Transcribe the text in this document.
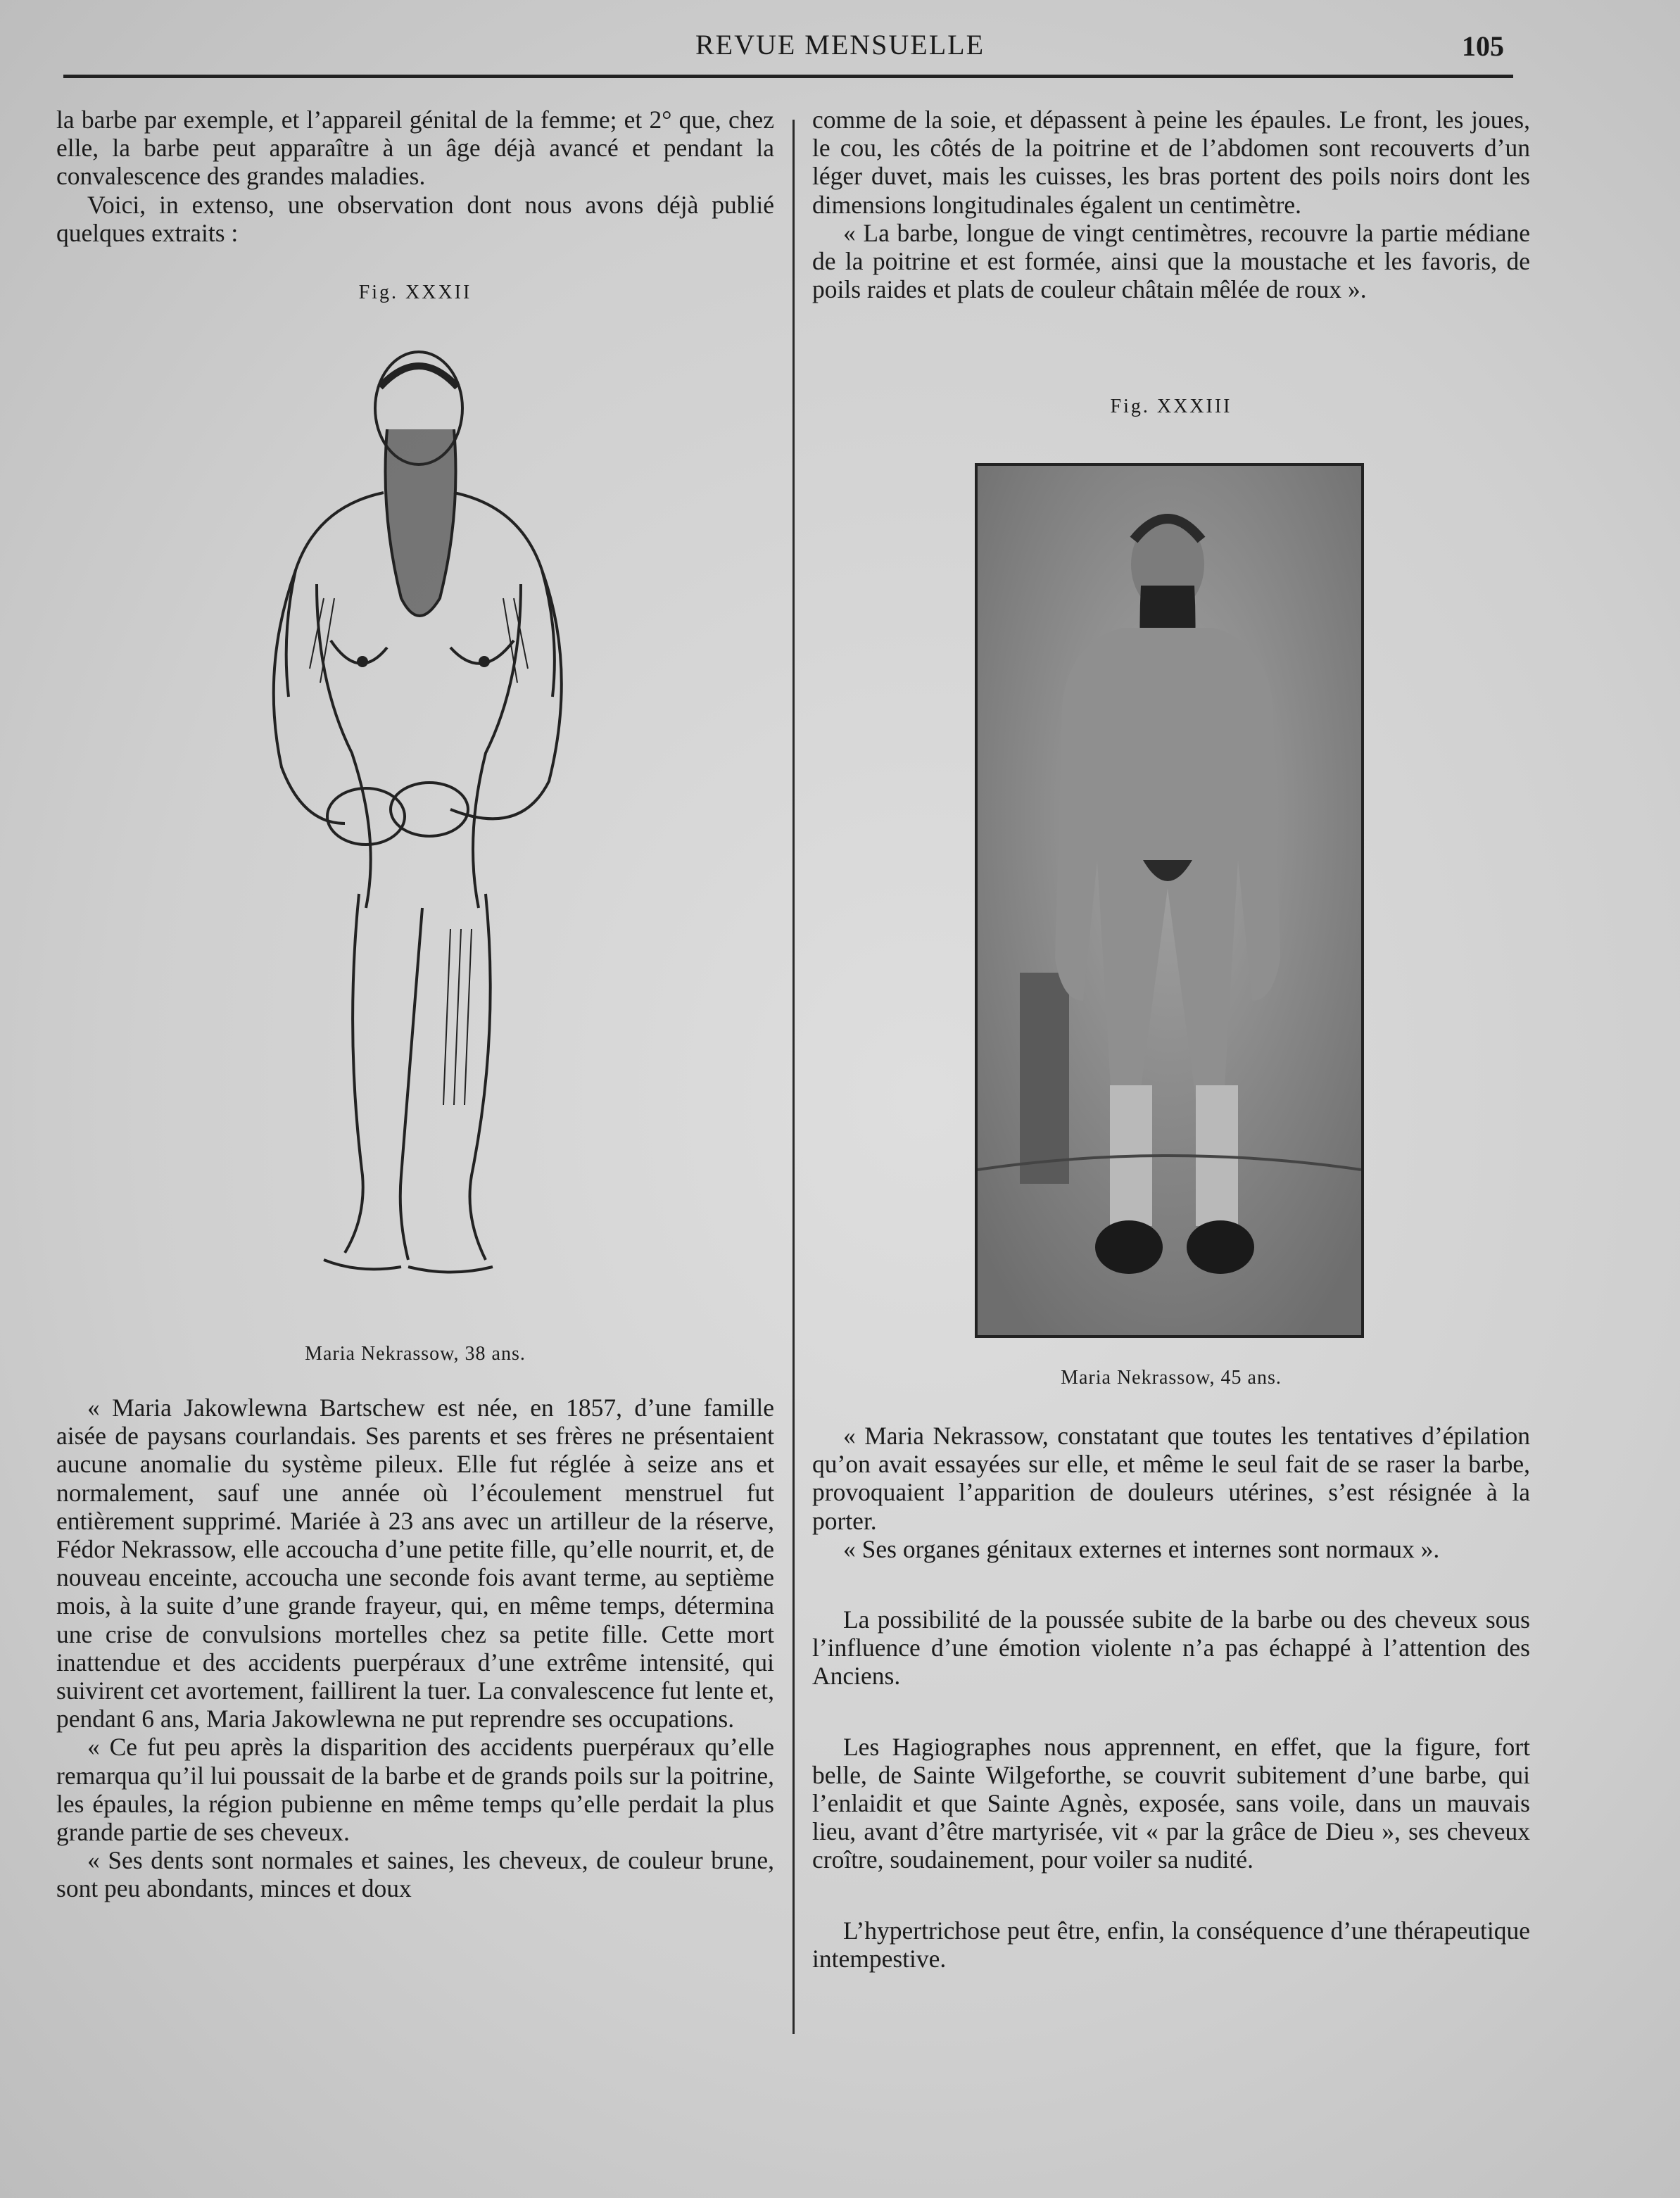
REVUE MENSUELLE	105

la barbe par exemple, et l’appareil génital de la femme; et 2° que, chez elle, la barbe peut apparaître à un âge déjà avancé et pendant la convalescence des grandes maladies.

Voici, in extenso, une observation dont nous avons déjà publié quelques extraits :

Fig. XXXII
Maria Nekrassow, 38 ans.

« Maria Jakowlewna Bartschew est née, en 1857, d’une famille aisée de paysans courlandais. Ses parents et ses frères ne présentaient aucune anomalie du système pileux. Elle fut réglée à seize ans et normalement, sauf une année où l’écoulement menstruel fut entièrement supprimé. Mariée à 23 ans avec un artilleur de la réserve, Fédor Nekrassow, elle accoucha d’une petite fille, qu’elle nourrit, et, de nouveau enceinte, accoucha une seconde fois avant terme, au septième mois, à la suite d’une grande frayeur, qui, en même temps, détermina une crise de convulsions mortelles chez sa petite fille. Cette mort inattendue et des accidents puerpéraux d’une extrême intensité, qui suivirent cet avortement, faillirent la tuer. La convalescence fut lente et, pendant 6 ans, Maria Jakowlewna ne put reprendre ses occupations.

« Ce fut peu après la disparition des accidents puerpéraux qu’elle remarqua qu’il lui poussait de la barbe et de grands poils sur la poitrine, les épaules, la région pubienne en même temps qu’elle perdait la plus grande partie de ses cheveux.

« Ses dents sont normales et saines, les cheveux, de couleur brune, sont peu abondants, minces et doux

comme de la soie, et dépassent à peine les épaules. Le front, les joues, le cou, les côtés de la poitrine et de l’abdomen sont recouverts d’un léger duvet, mais les cuisses, les bras portent des poils noirs dont les dimensions longitudinales égalent un centimètre.

« La barbe, longue de vingt centimètres, recouvre la partie médiane de la poitrine et est formée, ainsi que la moustache et les favoris, de poils raides et plats de couleur châtain mêlée de roux ».

Fig. XXXIII
Maria Nekrassow, 45 ans.

« Maria Nekrassow, constatant que toutes les tentatives d’épilation qu’on avait essayées sur elle, et même le seul fait de se raser la barbe, provoquaient l’apparition de douleurs utérines, s’est résignée à la porter.

« Ses organes génitaux externes et internes sont normaux ».

La possibilité de la poussée subite de la barbe ou des cheveux sous l’influence d’une émotion violente n’a pas échappé à l’attention des Anciens.

Les Hagiographes nous apprennent, en effet, que la figure, fort belle, de Sainte Wilgeforthe, se couvrit subitement d’une barbe, qui l’enlaidit et que Sainte Agnès, exposée, sans voile, dans un mauvais lieu, avant d’être martyrisée, vit « par la grâce de Dieu », ses cheveux croître, soudainement, pour voiler sa nudité.

L’hypertrichose peut être, enfin, la conséquence d’une thérapeutique intempestive.
